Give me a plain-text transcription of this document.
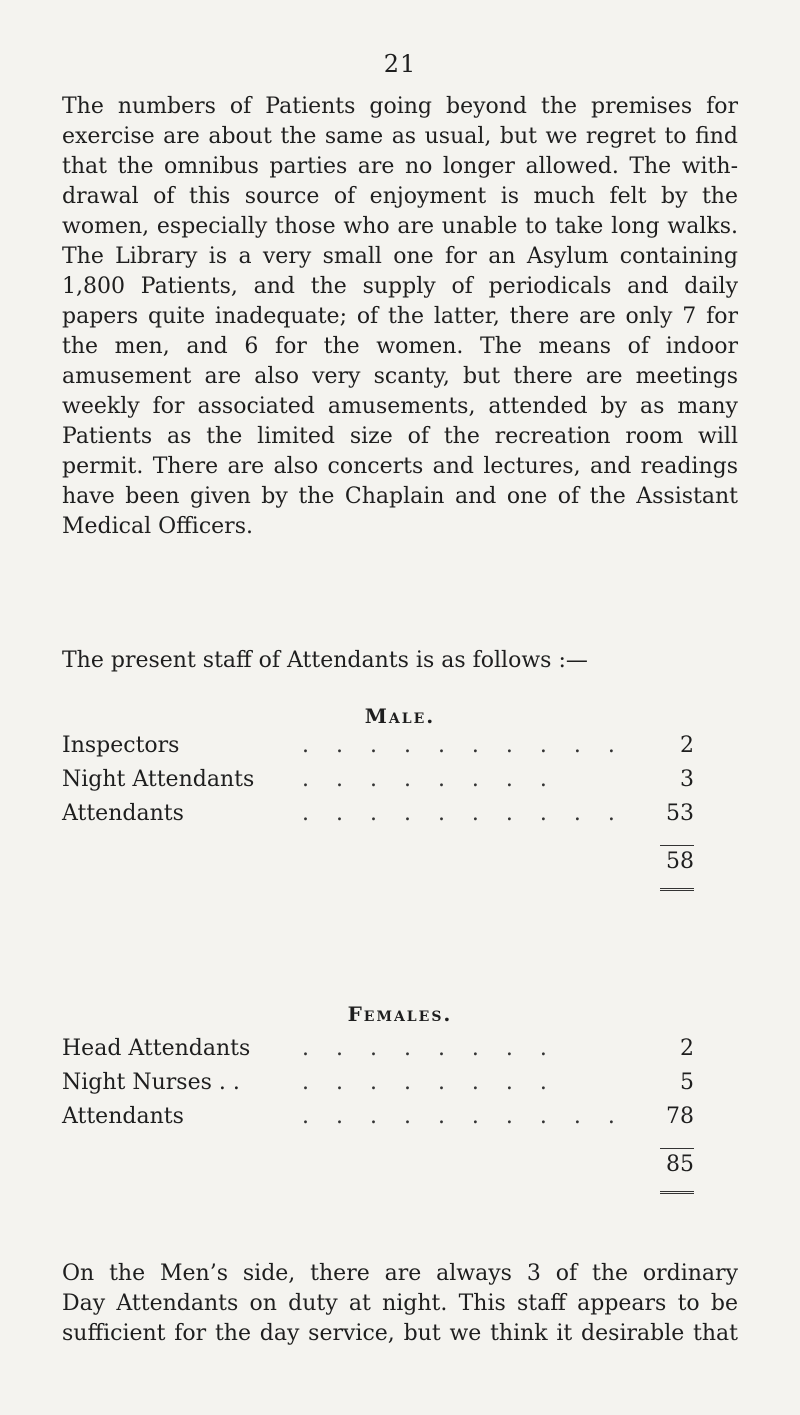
21
The numbers of Patients going beyond the premises for
exercise are about the same as usual, but we regret to find
that the omnibus parties are no longer allowed. The with-
drawal of this source of enjoyment is much felt by the
women, especially those who are unable to take long walks.
The Library is a very small one for an Asylum containing
1,800 Patients, and the supply of periodicals and daily
papers quite inadequate; of the latter, there are only 7 for
the men, and 6 for the women. The means of indoor
amusement are also very scanty, but there are meetings
weekly for associated amusements, attended by as many
Patients as the limited size of the recreation room will
permit. There are also concerts and lectures, and readings
have been given by the Chaplain and one of the Assistant
Medical Officers.

The present staff of Attendants is as follows :—

Male.
. . . . . . . . . .
Inspectors	2
. . . . . . . .
Night Attendants	3
. . . . . . . . . .
Attendants	53
58
Females.
. . . . . . . .
Head Attendants	2
. . . . . . . .
Night Nurses . .	5
. . . . . . . . . .
Attendants	78
85
On the Men’s side, there are always 3 of the ordinary
Day Attendants on duty at night. This staff appears to be
sufficient for the day service, but we think it desirable that
